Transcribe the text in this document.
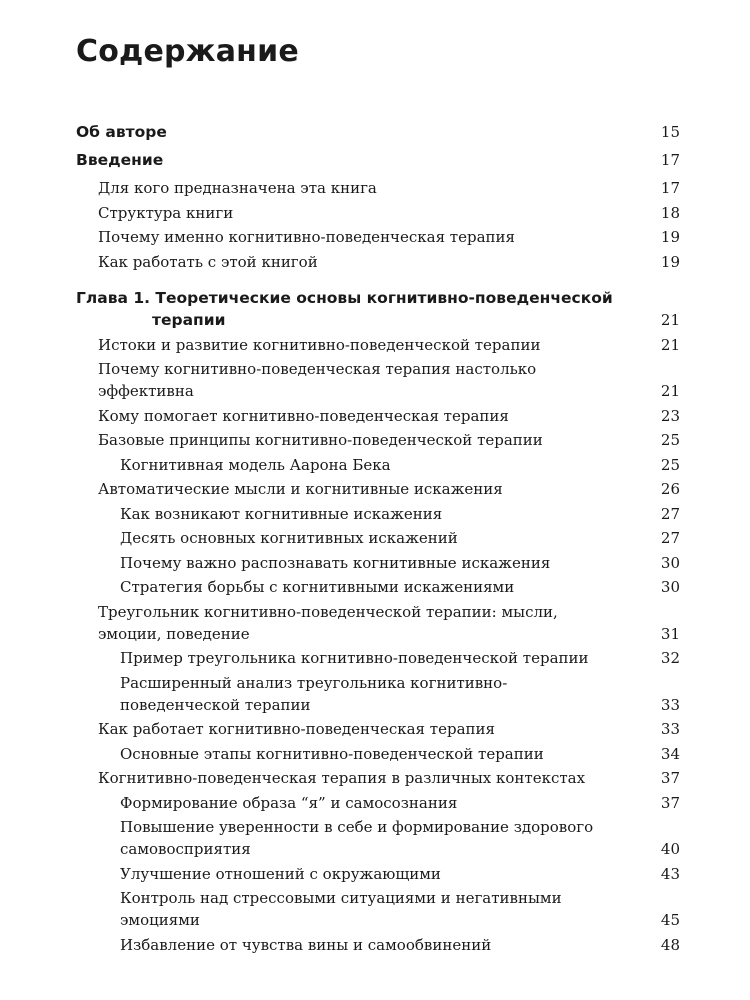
Содержание
Об авторе	15
Введение	17
Для кого предназначена эта книга	17
Структура книги	18
Почему именно когнитивно-поведенческая терапия	19
Как работать с этой книгой	19
Глава 1. Теоретические основы когнитивно-поведенческой
терапии	21
Истоки и развитие когнитивно-поведенческой терапии	21
Почему когнитивно-поведенческая терапия настолько
эффективна	21
Кому помогает когнитивно-поведенческая терапия	23
Базовые принципы когнитивно-поведенческой терапии	25
Когнитивная модель Аарона Бека	25
Автоматические мысли и когнитивные искажения	26
Как возникают когнитивные искажения	27
Десять основных когнитивных искажений	27
Почему важно распознавать когнитивные искажения	30
Стратегия борьбы с когнитивными искажениями	30
Треугольник когнитивно-поведенческой терапии: мысли,
эмоции, поведение	31
Пример треугольника когнитивно-поведенческой терапии	32
Расширенный анализ треугольника когнитивно-
поведенческой терапии	33
Как работает когнитивно-поведенческая терапия	33
Основные этапы когнитивно-поведенческой терапии	34
Когнитивно-поведенческая терапия в различных контекстах	37
Формирование образа “я” и самосознания	37
Повышение уверенности в себе и формирование здорового
самовосприятия	40
Улучшение отношений с окружающими	43
Контроль над стрессовыми ситуациями и негативными
эмоциями	45
Избавление от чувства вины и самообвинений	48
